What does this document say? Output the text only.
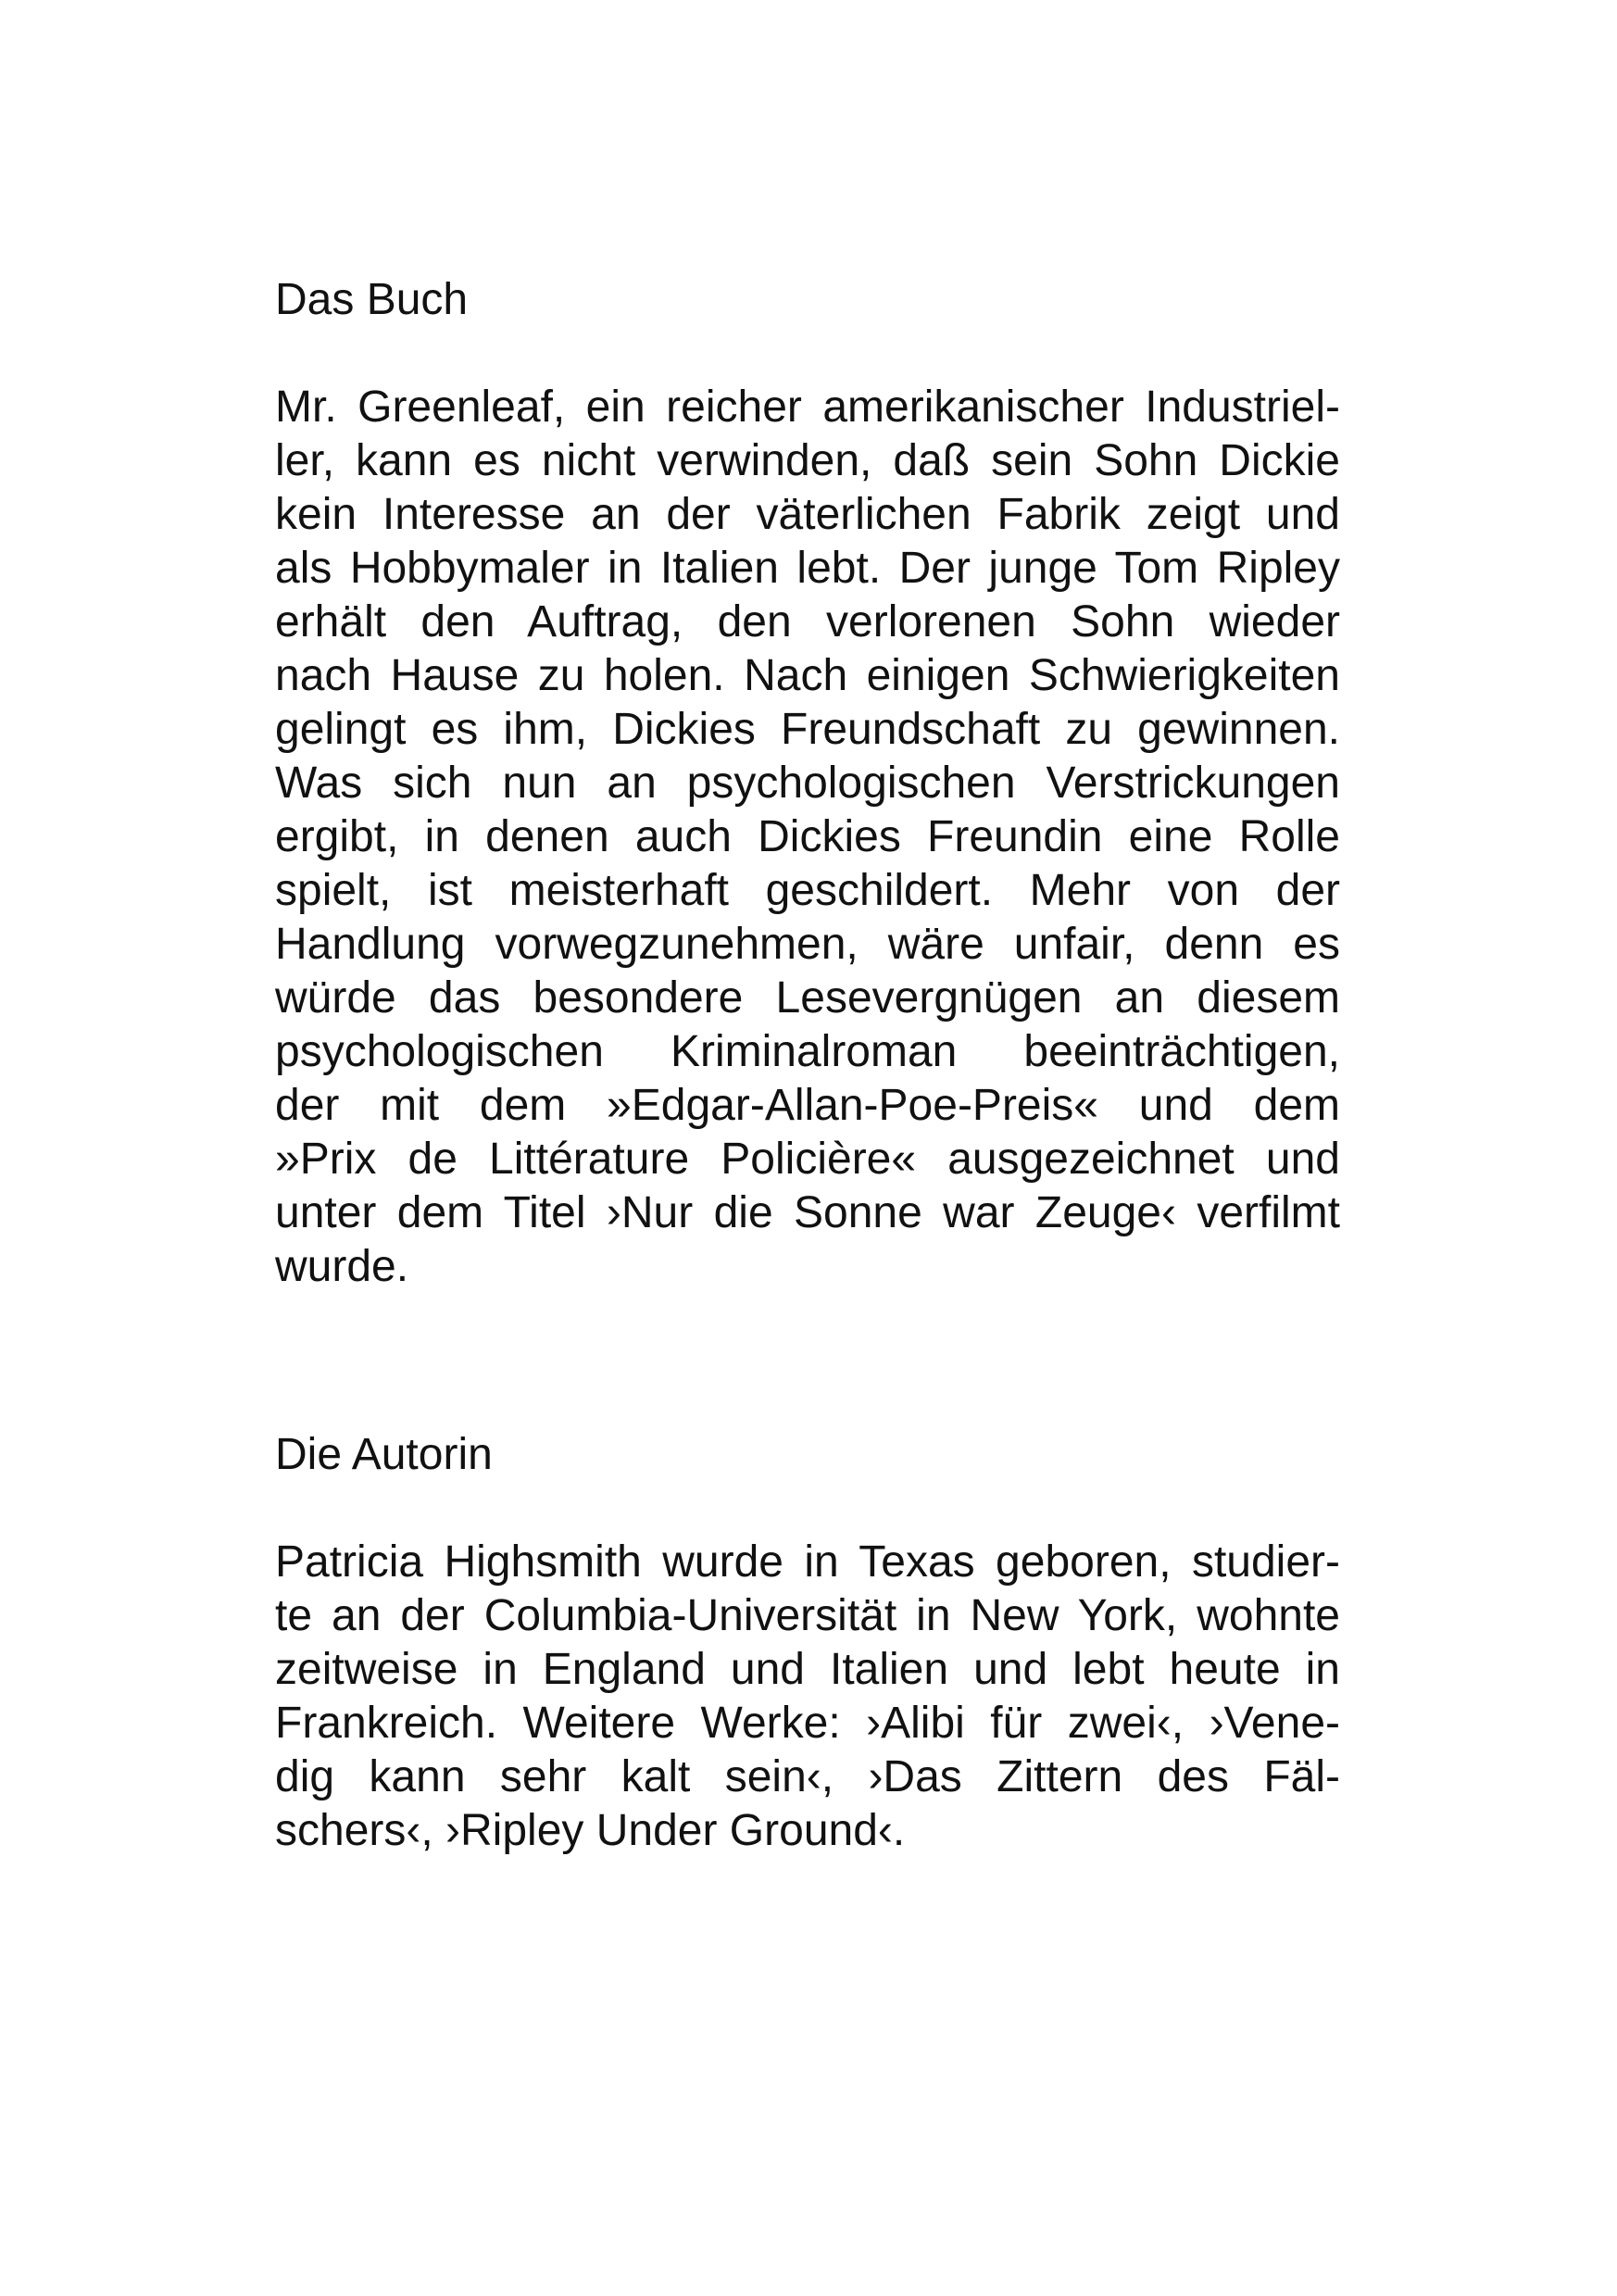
Das Buch
Mr. Greenleaf, ein reicher amerikanischer Industriel-
ler, kann es nicht verwinden, daß sein Sohn Dickie
kein Interesse an der väterlichen Fabrik zeigt und
als Hobbymaler in Italien lebt. Der junge Tom Ripley
erhält den Auftrag, den verlorenen Sohn wieder
nach Hause zu holen. Nach einigen Schwierigkeiten
gelingt es ihm, Dickies Freundschaft zu gewinnen.
Was sich nun an psychologischen Verstrickungen
ergibt, in denen auch Dickies Freundin eine Rolle
spielt, ist meisterhaft geschildert. Mehr von der
Handlung vorwegzunehmen, wäre unfair, denn es
würde das besondere Lesevergnügen an diesem
psychologischen Kriminalroman beeinträchtigen,
der mit dem »Edgar-Allan-Poe-Preis« und dem
»Prix de Littérature Policière« ausgezeichnet und
unter dem Titel ›Nur die Sonne war Zeuge‹ verfilmt
wurde.
Die Autorin
Patricia Highsmith wurde in Texas geboren, studier-
te an der Columbia-Universität in New York, wohnte
zeitweise in England und Italien und lebt heute in
Frankreich. Weitere Werke: ›Alibi für zwei‹, ›Vene-
dig kann sehr kalt sein‹, ›Das Zittern des Fäl-
schers‹, ›Ripley Under Ground‹.
